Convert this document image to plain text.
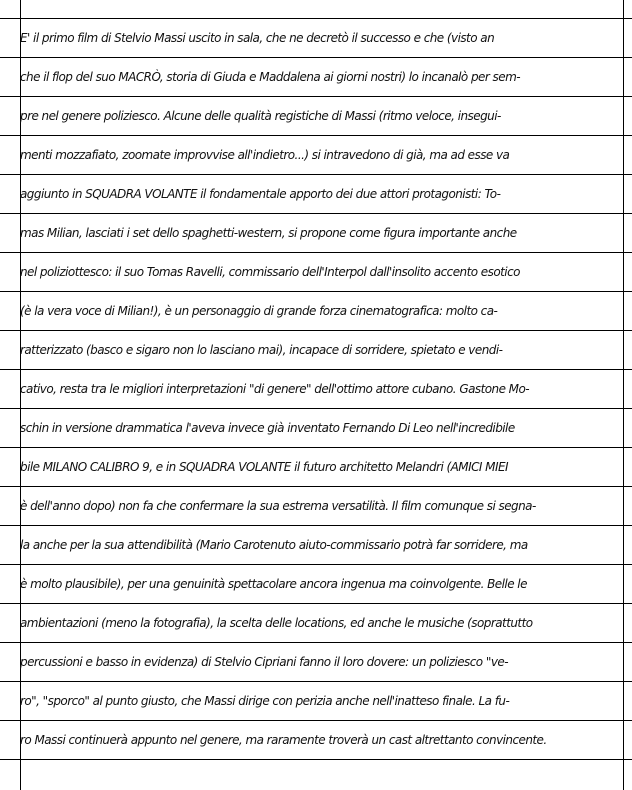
E' il primo film di Stelvio Massi uscito in sala, che ne decretò il successo e che (visto an
che il flop del suo MACRÒ, storia di Giuda e Maddalena ai giorni nostri) lo incanalò per sem-
pre nel genere poliziesco. Alcune delle qualità registiche di Massi (ritmo veloce, insegui-
menti mozzafiato, zoomate improvvise all'indietro...) si intravedono di già, ma ad esse va
aggiunto in SQUADRA VOLANTE il fondamentale apporto dei due attori protagonisti: To-
mas Milian, lasciati i set dello spaghetti-western, si propone come figura importante anche
nel poliziottesco: il suo Tomas Ravelli, commissario dell'Interpol dall'insolito accento esotico
(è la vera voce di Milian!), è un personaggio di grande forza cinematografica: molto ca-
ratterizzato (basco e sigaro non lo lasciano mai), incapace di sorridere, spietato e vendi-
cativo, resta tra le migliori interpretazioni "di genere" dell'ottimo attore cubano. Gastone Mo-
schin in versione drammatica l'aveva invece già inventato Fernando Di Leo nell'incredibile
bile MILANO CALIBRO 9, e in SQUADRA VOLANTE il futuro architetto Melandri (AMICI MIEI
è dell'anno dopo) non fa che confermare la sua estrema versatilità. Il film comunque si segna-
la anche per la sua attendibilità (Mario Carotenuto aiuto-commissario potrà far sorridere, ma
è molto plausibile), per una genuinità spettacolare ancora ingenua ma coinvolgente. Belle le
ambientazioni (meno la fotografia), la scelta delle locations, ed anche le musiche (soprattutto
percussioni e basso in evidenza) di Stelvio Cipriani fanno il loro dovere: un poliziesco "ve-
ro", "sporco" al punto giusto, che Massi dirige con perizia anche nell'inatteso finale. La fu-
ro Massi continuerà appunto nel genere, ma raramente troverà un cast altrettanto convincente.
